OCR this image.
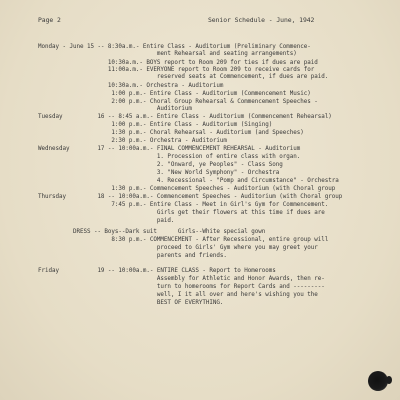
Page 2	Senior Schedule - June, 1942
Monday - June 15 -- 8:30a.m.- Entire Class - Auditorium (Preliminary Commence-
ment Rehearsal and seating arrangements)
10:30a.m.- BOYS report to Room 209 for ties if dues are paid
11:00a.m.- EVERYONE report to Room 209 to receive cards for
reserved seats at Commencement, if dues are paid.
10:30a.m.- Orchestra - Auditorium
1:00 p.m.- Entire Class - Auditorium (Commencement Music)
2:00 p.m.- Choral Group Rehearsal & Commencement Speeches -
Auditorium
Tuesday          16 -- 8:45 a.m.- Entire Class - Auditorium (Commencement Rehearsal)
1:00 p.m.- Entire Class - Auditorium (Singing)
1:30 p.m.- Choral Rehearsal - Auditorium (and Speeches)
2:30 p.m.- Orchestra - Auditorium
Wednesday        17 -- 10:00a.m.- FINAL COMMENCEMENT REHEARSAL - Auditorium
1. Procession of entire class with organ.
2. "Onward, ye Peoples" - Class Song
3. "New World Symphony" - Orchestra
4. Recessional - "Pomp and Circumstance" - Orchestra
1:30 p.m.- Commencement Speeches - Auditorium (with Choral group
Thursday         18 -- 10:00a.m.- Commencement Speeches - Auditorium (with Choral group
7:45 p.m.- Entire Class - Meet in Girl's Gym for Commencement.
Girls get their flowers at this time if dues are
paid.
DRESS -- Boys--Dark suit      Girls--White special gown
8:30 p.m.- COMMENCEMENT - After Recessional, entire group will
proceed to Girls' Gym where you may greet your
parents and friends.
Friday           19 -- 10:00a.m.- ENTIRE CLASS - Report to Homerooms
Assembly for Athletic and Honor Awards, then re-
turn to homerooms for Report Cards and ---------
well, I it all over and here's wishing you the
BEST OF EVERYTHING.
